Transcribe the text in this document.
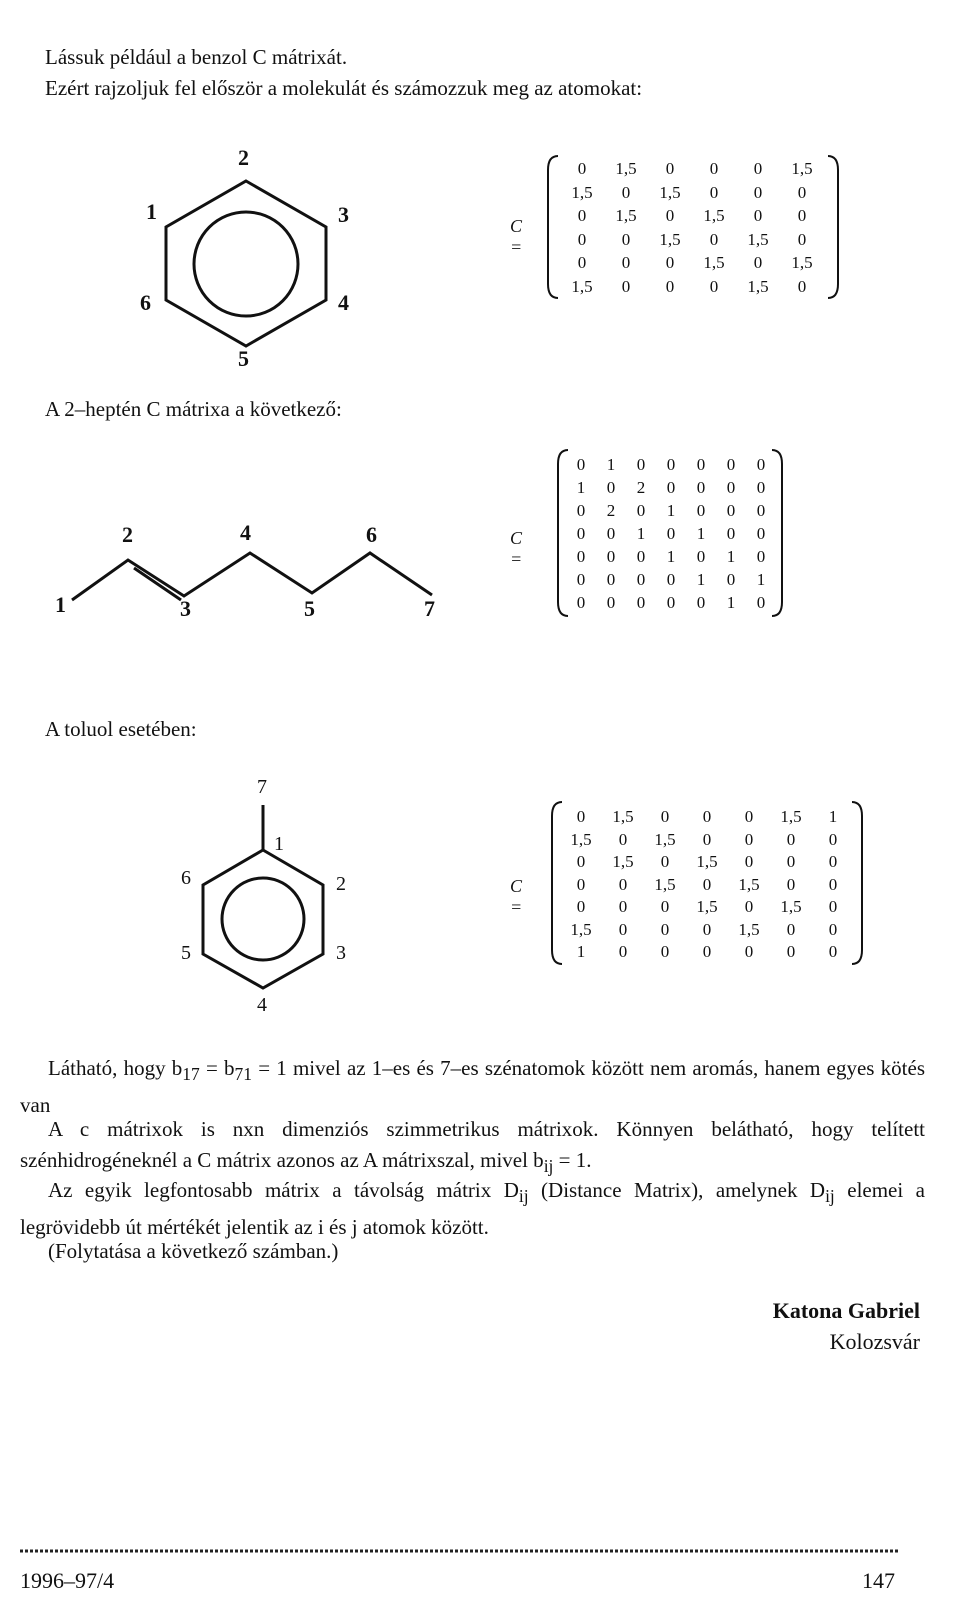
Lássuk például a benzol C mátrixát.
Ezért rajzoljuk fel először a molekulát és számozzuk meg az atomokat:
1
2
3
4
5
6
C =
0	1,5	0	0	0	1,5
1,5	0	1,5	0	0	0
0	1,5	0	1,5	0	0
0	0	1,5	0	1,5	0
0	0	0	1,5	0	1,5
1,5	0	0	0	1,5	0
A 2–heptén C mátrixa a következő:
1
2
3
4
5
6
7
C =
0	1	0	0	0	0	0
1	0	2	0	0	0	0
0	2	0	1	0	0	0
0	0	1	0	1	0	0
0	0	0	1	0	1	0
0	0	0	0	1	0	1
0	0	0	0	0	1	0
A toluol esetében:
1
2
3
4
5
6
7
C =
0	1,5	0	0	0	1,5	1
1,5	0	1,5	0	0	0	0
0	1,5	0	1,5	0	0	0
0	0	1,5	0	1,5	0	0
0	0	0	1,5	0	1,5	0
1,5	0	0	0	1,5	0	0
1	0	0	0	0	0	0
Látható, hogy $b_{17} = b_{71} = 1$ mivel az 1–es és 7–es szénatomok között nem aromás, hanem egyes kötés van
A c mátrixok is nxn dimenziós szimmetrikus mátrixok. Könnyen belátható, hogy telített szénhidrogéneknél a C mátrix azonos az A mátrixszal, mivel $b_{ij} = 1$.
Az egyik legfontosabb mátrix a távolság mátrix $D_{ij}$ (Distance Matrix), amelynek $D_{ij}$ elemei a legrövidebb út mértékét jelentik az i és j atomok között.
(Folytatása a következő számban.)
Katona Gabriel
Kolozsvár
1996–97/4	147
